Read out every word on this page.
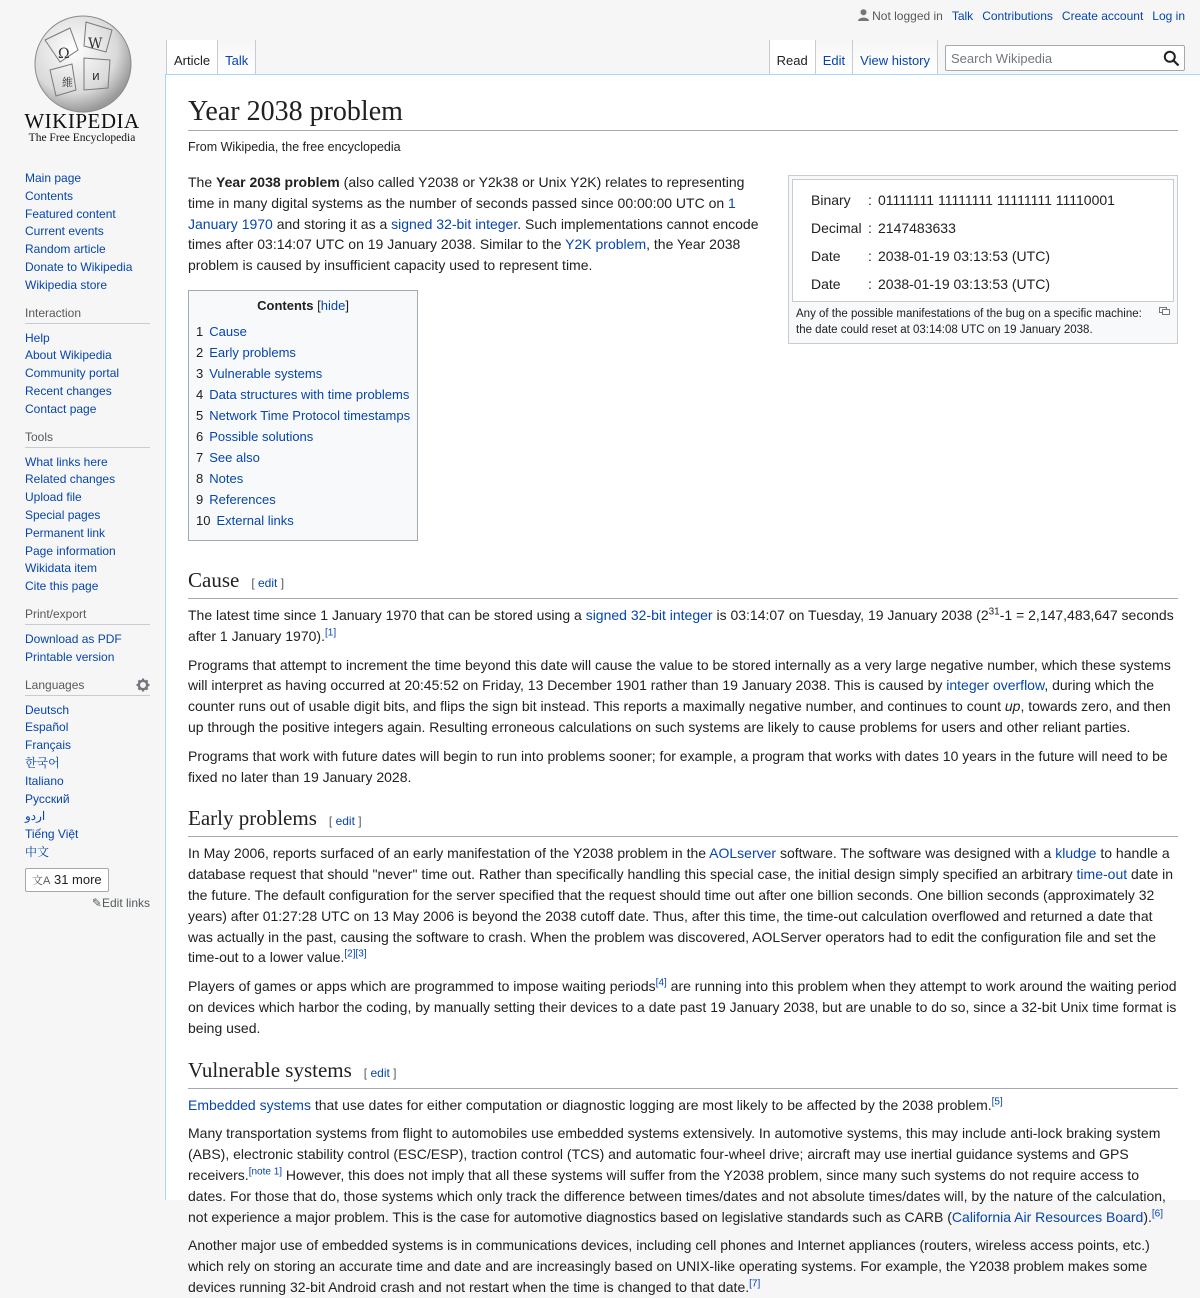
Ω
W
維 и
WIKIPEDIA
The Free Encyclopedia
Main page
Contents
Featured content
Current events
Random article
Donate to Wikipedia
Wikipedia store
Interaction
Help
About Wikipedia
Community portal
Recent changes
Contact page
Tools
What links here
Related changes
Upload file
Special pages
Permanent link
Page information
Wikidata item
Cite this page
Print/export
Download as PDF
Printable version
Languages
Deutsch
Español
Français
한국어
Italiano
Русский
اردو
Tiếng Việt
中文
文A 31 more
✎Edit links
Not logged in Talk Contributions Create account Log in
Article Talk	Read Edit View history
Search Wikipedia
Year 2038 problem
From Wikipedia, the free encyclopedia
Binary	: 01111111 11111111 11111111 11110001
Decimal : 2147483633
Date	: 2038-01-19 03:13:53 (UTC)
Date	: 2038-01-19 03:13:53 (UTC)
Any of the possible manifestations of the bug on a specific machine: the date could reset at 03:14:08 UTC on 19 January 2038.

The Year 2038 problem (also called Y2038 or Y2k38 or Unix Y2K) relates to representing time in many digital systems as the number of seconds passed since 00:00:00 UTC on 1 January 1970 and storing it as a signed 32-bit integer. Such implementations cannot encode times after 03:14:07 UTC on 19 January 2038. Similar to the Y2K problem, the Year 2038 problem is caused by insufficient capacity used to represent time.

Contents [hide]
1 Cause
2 Early problems
3 Vulnerable systems
4 Data structures with time problems
5 Network Time Protocol timestamps
6 Possible solutions
7 See also
8 Notes
9 References
10 External links
Cause [ edit ]

The latest time since 1 January 1970 that can be stored using a signed 32-bit integer is 03:14:07 on Tuesday, 19 January 2038 ($2^{31}-1 = 2,147,483,647$ seconds after 1 January 1970).[1]

Programs that attempt to increment the time beyond this date will cause the value to be stored internally as a very large negative number, which these systems will interpret as having occurred at 20:45:52 on Friday, 13 December 1901 rather than 19 January 2038. This is caused by integer overflow, during which the counter runs out of usable digit bits, and flips the sign bit instead. This reports a maximally negative number, and continues to count up, towards zero, and then up through the positive integers again. Resulting erroneous calculations on such systems are likely to cause problems for users and other reliant parties.

Programs that work with future dates will begin to run into problems sooner; for example, a program that works with dates 10 years in the future will need to be fixed no later than 19 January 2028.

Early problems [ edit ]

In May 2006, reports surfaced of an early manifestation of the Y2038 problem in the AOLserver software. The software was designed with a kludge to handle a database request that should "never" time out. Rather than specifically handling this special case, the initial design simply specified an arbitrary time-out date in the future. The default configuration for the server specified that the request should time out after one billion seconds. One billion seconds (approximately 32 years) after 01:27:28 UTC on 13 May 2006 is beyond the 2038 cutoff date. Thus, after this time, the time-out calculation overflowed and returned a date that was actually in the past, causing the software to crash. When the problem was discovered, AOLServer operators had to edit the configuration file and set the time-out to a lower value.[2][3]

Players of games or apps which are programmed to impose waiting periods[4] are running into this problem when they attempt to work around the waiting period on devices which harbor the coding, by manually setting their devices to a date past 19 January 2038, but are unable to do so, since a 32-bit Unix time format is being used.

Vulnerable systems [ edit ]

Embedded systems that use dates for either computation or diagnostic logging are most likely to be affected by the 2038 problem.[5]

Many transportation systems from flight to automobiles use embedded systems extensively. In automotive systems, this may include anti-lock braking system (ABS), electronic stability control (ESC/ESP), traction control (TCS) and automatic four-wheel drive; aircraft may use inertial guidance systems and GPS receivers.[note 1] However, this does not imply that all these systems will suffer from the Y2038 problem, since many such systems do not require access to dates. For those that do, those systems which only track the difference between times/dates and not absolute times/dates will, by the nature of the calculation, not experience a major problem. This is the case for automotive diagnostics based on legislative standards such as CARB (California Air Resources Board).[6]

Another major use of embedded systems is in communications devices, including cell phones and Internet appliances (routers, wireless access points, etc.) which rely on storing an accurate time and date and are increasingly based on UNIX-like operating systems. For example, the Y2038 problem makes some devices running 32-bit Android crash and not restart when the time is changed to that date.[7]
